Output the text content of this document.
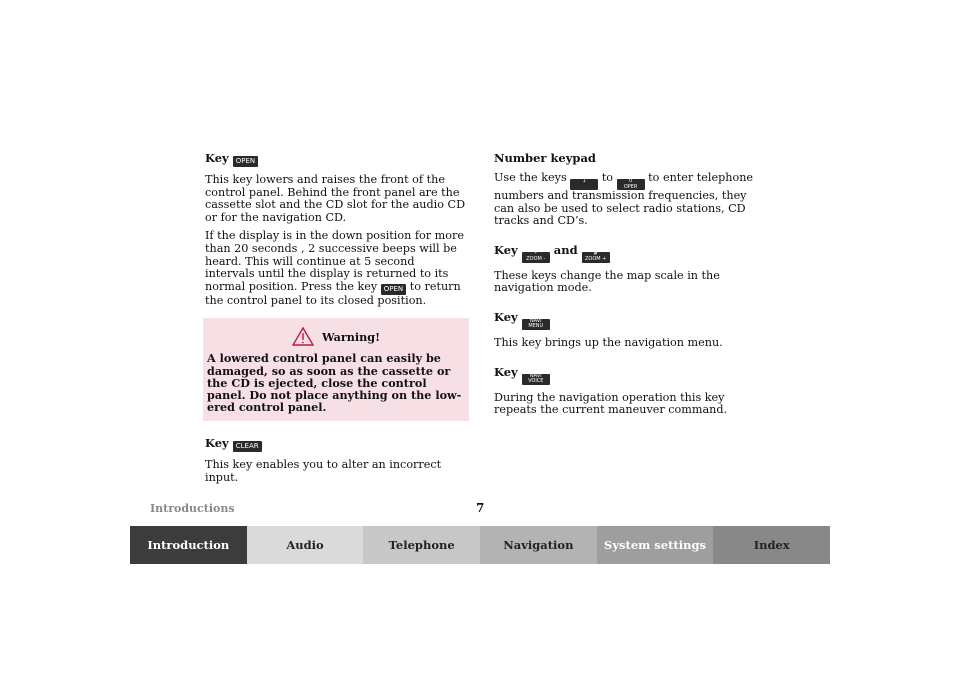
Key OPEN

This key lowers and raises the front of the control panel. Behind the front panel are the cassette slot and the CD slot for the audio CD or for the navigation CD.

If the display is in the down position for more than 20 seconds , 2 successive beeps will be heard. This will continue at 5 second intervals until the display is returned to its normal position. Press the key OPEN to return the control panel to its closed position.

Warning!
A lowered control panel can easily be damaged, so as soon as the cassette or the CD is ejected, close the control panel. Do not place anything on the low-ered control panel.
Key CLEAR

This key enables you to alter an incorrect input.

Number keypad

Use the keys	1
	to	0
OPER
to enter telephone numbers and transmission frequencies, they can also be used to select radio stations, CD tracks and CD’s.

Key	*
ZOOM -
and	#
ZOOM +

These keys change the map scale in the navigation mode.

Key	NAVI
MENU

This key brings up the navigation menu.

Key	NAVI
VOICE

During the navigation operation this key repeats the current maneuver command.

Introductions	7
Introduction	Audio	Telephone	Navigation	System settings	Index
